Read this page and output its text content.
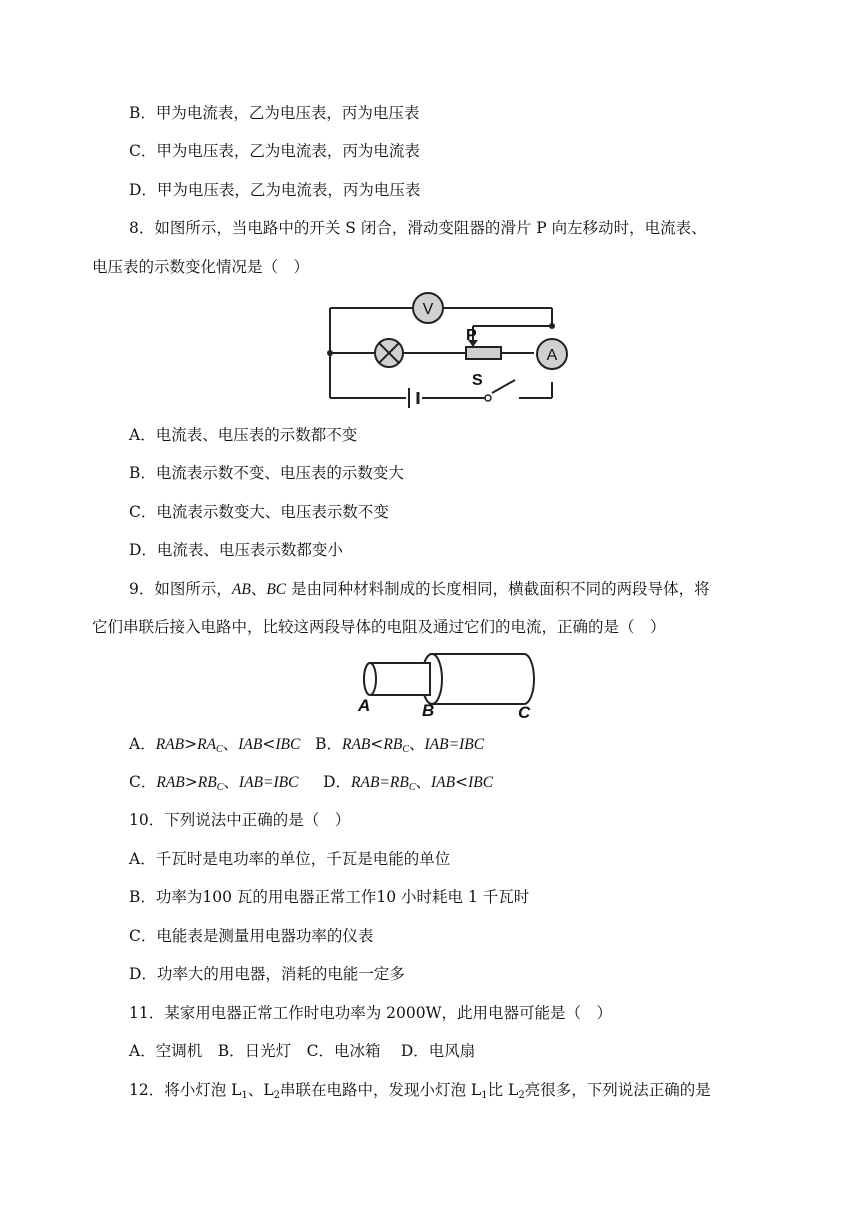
B．甲为电流表，乙为电压表，丙为电压表
C．甲为电压表，乙为电流表，丙为电流表
D．甲为电压表，乙为电流表，丙为电压表
8．如图所示，当电路中的开关 S 闭合，滑动变阻器的滑片 P 向左移动时，电流表、
电压表的示数变化情况是（　）
V
P
A
S
A．电流表、电压表的示数都不变
B．电流表示数不变、电压表的示数变大
C．电流表示数变大、电压表示数不变
D．电流表、电压表示数都变小
9．如图所示，AB、BC 是由同种材料制成的长度相同，横截面积不同的两段导体，将
它们串联后接入电路中，比较这两段导体的电阻及通过它们的电流，正确的是（　）
A	B	C
A．$RAB>RA_C$、IAB<IBC B．$RAB<RB_C$、IAB=IBC
C．$RAB>RB_C$、IAB=IBC D．$RAB=RB_C$、IAB<IBC
10．下列说法中正确的是（　）
A．千瓦时是电功率的单位，千瓦是电能的单位
B．功率为100 瓦的用电器正常工作10 小时耗电 1 千瓦时
C．电能表是测量用电器功率的仪表
D．功率大的用电器，消耗的电能一定多
11．某家用电器正常工作时电功率为 2000W，此用电器可能是（　）
A．空调机　B．日光灯　C．电冰箱　 D．电风扇
12．将小灯泡 $L_1$、$L_2$串联在电路中，发现小灯泡 $L_1$比 $L_2$亮很多，下列说法正确的是
